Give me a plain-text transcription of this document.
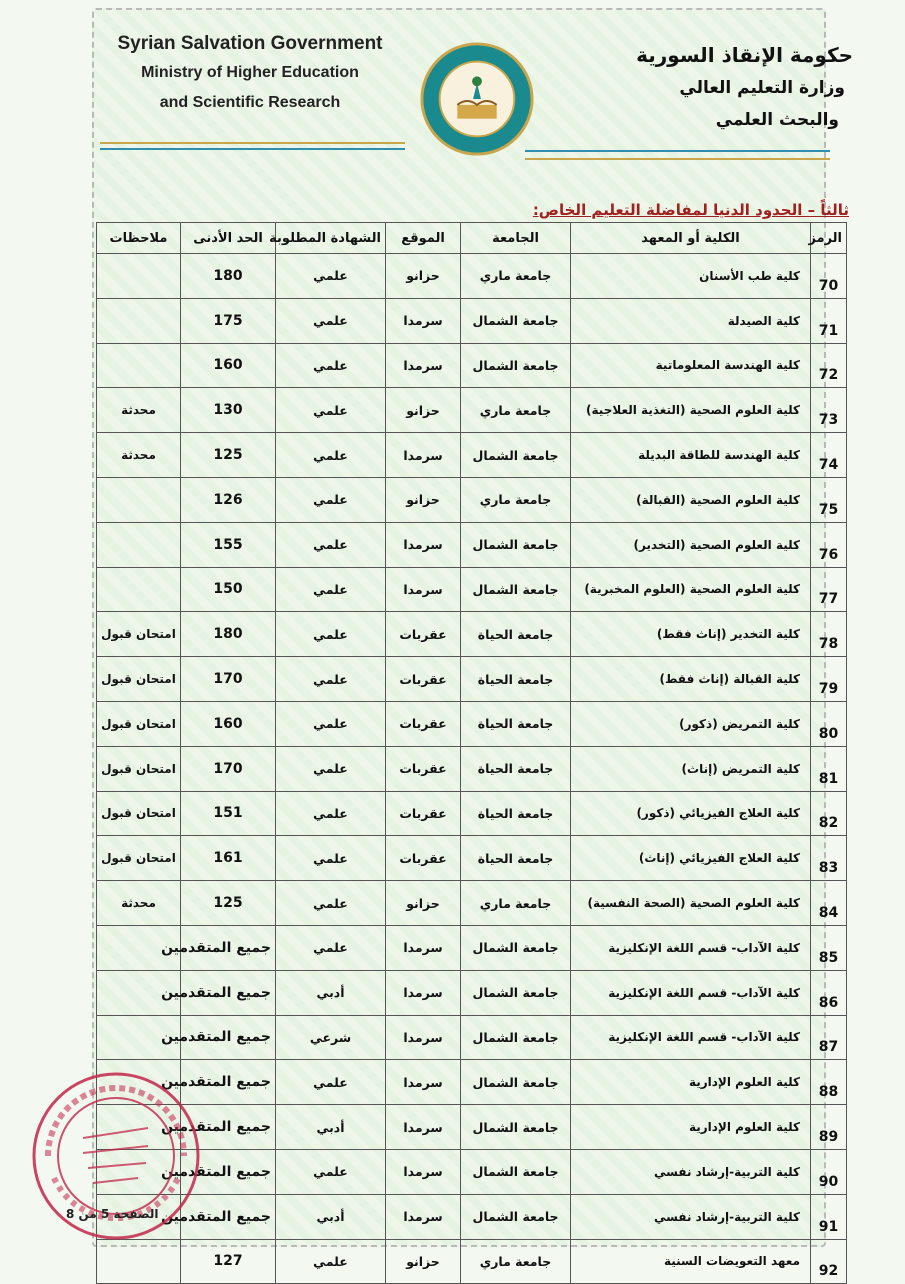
Syrian Salvation Government
Ministry of Higher Education
and Scientific Research
حكومة الإنقاذ السورية
وزارة التعليم العالي
والبحث العلمي
ثالثاً – الحدود الدنيا لمفاضلة التعليم الخاص:
الرمز	الكلية أو المعهد	الجامعة	الموقع	الشهادة المطلوبة	الحد الأدنى	ملاحظات
70	كلية طب الأسنان	جامعة ماري	حزانو	علمي	180	
71	كلية الصيدلة	جامعة الشمال	سرمدا	علمي	175	
72	كلية الهندسة المعلوماتية	جامعة الشمال	سرمدا	علمي	160	
73	كلية العلوم الصحية (التغذية العلاجية)	جامعة ماري	حزانو	علمي	130	محدثة
74	كلية الهندسة للطاقة البديلة	جامعة الشمال	سرمدا	علمي	125	محدثة
75	كلية العلوم الصحية (القبالة)	جامعة ماري	حزانو	علمي	126	
76	كلية العلوم الصحية (التخدير)	جامعة الشمال	سرمدا	علمي	155	
77	كلية العلوم الصحية (العلوم المخبرية)	جامعة الشمال	سرمدا	علمي	150	
78	كلية التخدير (إناث فقط)	جامعة الحياة	عقربات	علمي	180	امتحان قبول
79	كلية القبالة (إناث فقط)	جامعة الحياة	عقربات	علمي	170	امتحان قبول
80	كلية التمريض (ذكور)	جامعة الحياة	عقربات	علمي	160	امتحان قبول
81	كلية التمريض (إناث)	جامعة الحياة	عقربات	علمي	170	امتحان قبول
82	كلية العلاج الفيزيائي (ذكور)	جامعة الحياة	عقربات	علمي	151	امتحان قبول
83	كلية العلاج الفيزيائي (إناث)	جامعة الحياة	عقربات	علمي	161	امتحان قبول
84	كلية العلوم الصحية (الصحة النفسية)	جامعة ماري	حزانو	علمي	125	محدثة
85	كلية الآداب- قسم اللغة الإنكليزية	جامعة الشمال	سرمدا	علمي	جميع المتقدمين	
86	كلية الآداب- قسم اللغة الإنكليزية	جامعة الشمال	سرمدا	أدبي	جميع المتقدمين	
87	كلية الآداب- قسم اللغة الإنكليزية	جامعة الشمال	سرمدا	شرعي	جميع المتقدمين	
88	كلية العلوم الإدارية	جامعة الشمال	سرمدا	علمي	جميع المتقدمين	
89	كلية العلوم الإدارية	جامعة الشمال	سرمدا	أدبي	جميع المتقدمين	
90	كلية التربية-إرشاد نفسي	جامعة الشمال	سرمدا	علمي	جميع المتقدمين	
91	كلية التربية-إرشاد نفسي	جامعة الشمال	سرمدا	أدبي	جميع المتقدمين	
92	معهد التعويضات السنية	جامعة ماري	حزانو	علمي	127	
الصفحة 5 من 8
